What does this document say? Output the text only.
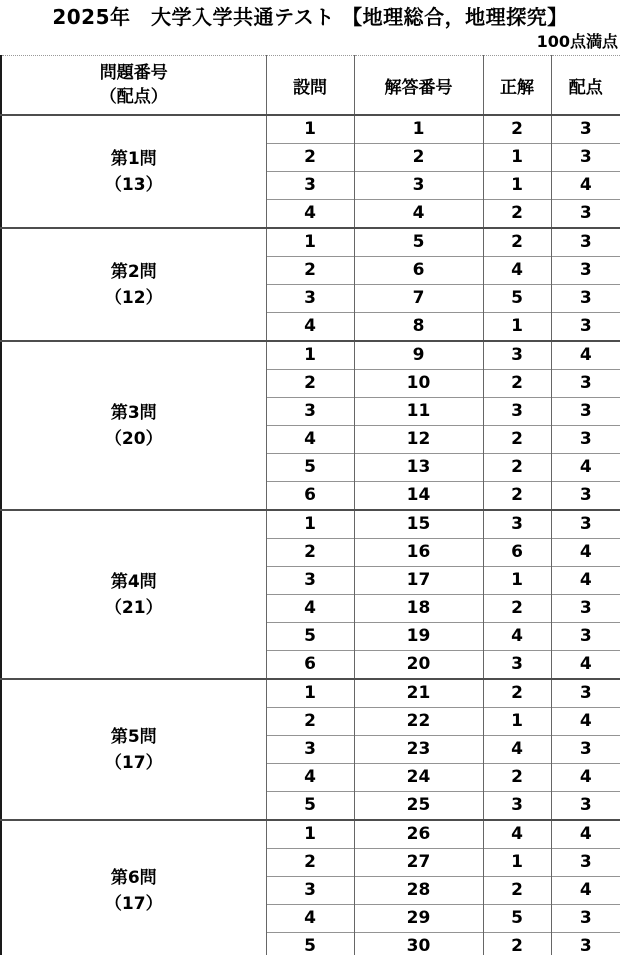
2025年　大学入学共通テスト 【地理総合，地理探究】
100点満点
問題番号
（配点）	設問	解答番号	正解	配点

第1問
（13）	1	1	2	3
	2	2	1	3
	3	3	1	4
	4	4	2	3

第2問
（12）	1	5	2	3
	2	6	4	3
	3	7	5	3
	4	8	1	3

第3問
（20）	1	9	3	4
	2	10	2	3
	3	11	3	3
	4	12	2	3
	5	13	2	4
	6	14	2	3

第4問
（21）	1	15	3	3
	2	16	6	4
	3	17	1	4
	4	18	2	3
	5	19	4	3
	6	20	3	4

第5問
（17）	1	21	2	3
	2	22	1	4
	3	23	4	3
	4	24	2	4
	5	25	3	3

第6問
（17）	1	26	4	4
	2	27	1	3
	3	28	2	4
	4	29	5	3
	5	30	2	3
